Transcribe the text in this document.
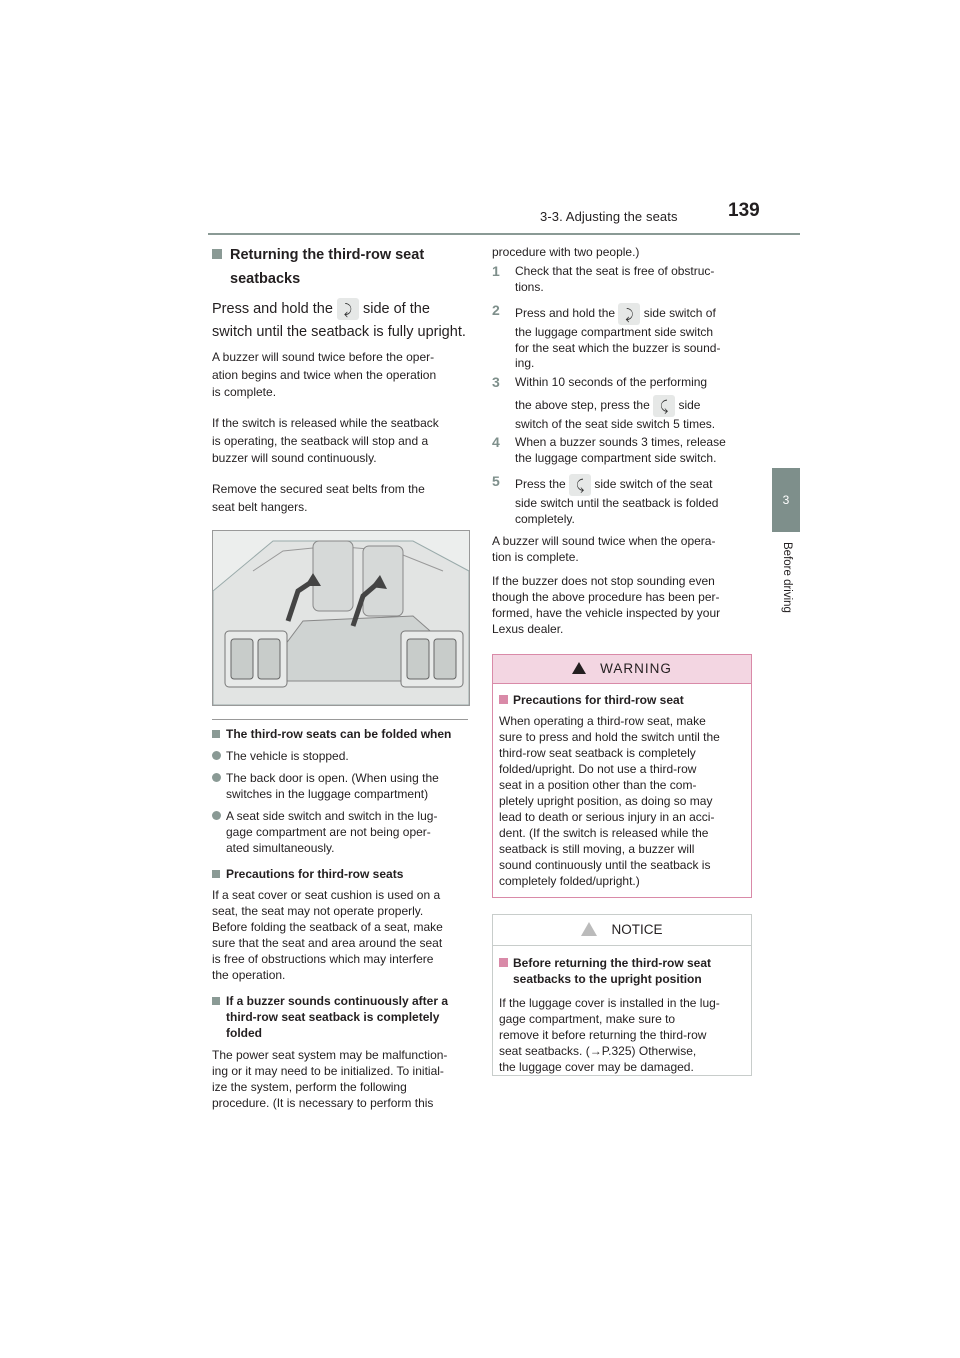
3-3. Adjusting the seats	139
3
Before driving
Returning the third-row seat
seatbacks
Press and hold the ⤸ side of the
switch until the seatback is fully upright.
A buzzer will sound twice before the oper-
ation begins and twice when the operation
is complete.
If the switch is released while the seatback
is operating, the seatback will stop and a
buzzer will sound continuously.
Remove the secured seat belts from the
seat belt hangers.
The third-row seats can be folded when
The vehicle is stopped.
The back door is open. (When using the
switches in the luggage compartment)
A seat side switch and switch in the lug-
gage compartment are not being oper-
ated simultaneously.
Precautions for third-row seats
If a seat cover or seat cushion is used on a
seat, the seat may not operate properly.
Before folding the seatback of a seat, make
sure that the seat and area around the seat
is free of obstructions which may interfere
the operation.
If a buzzer sounds continuously after a
third-row seat seatback is completely
folded
The power seat system may be malfunction-
ing or it may need to be initialized. To initial-
ize the system, perform the following
procedure. (It is necessary to perform this
procedure with two people.)
1 Check that the seat is free of obstruc-
tions.
2 Press and hold the ⤸ side switch of
the luggage compartment side switch
for the seat which the buzzer is sound-
ing.
3 Within 10 seconds of the performing
the above step, press the ⤹ side
switch of the seat side switch 5 times.
4 When a buzzer sounds 3 times, release
the luggage compartment side switch.
5 Press the ⤹ side switch of the seat
side switch until the seatback is folded
completely.
A buzzer will sound twice when the opera-
tion is complete.
If the buzzer does not stop sounding even
though the above procedure has been per-
formed, have the vehicle inspected by your
Lexus dealer.
WARNING
Precautions for third-row seat
When operating a third-row seat, make
sure to press and hold the switch until the
third-row seat seatback is completely
folded/upright. Do not use a third-row
seat in a position other than the com-
pletely upright position, as doing so may
lead to death or serious injury in an acci-
dent. (If the switch is released while the
seatback is still moving, a buzzer will
sound continuously until the seatback is
completely folded/upright.)
NOTICE
Before returning the third-row seat
seatbacks to the upright position
If the luggage cover is installed in the lug-
gage compartment, make sure to
remove it before returning the third-row
seat seatbacks. (→P.325) Otherwise,
the luggage cover may be damaged.
